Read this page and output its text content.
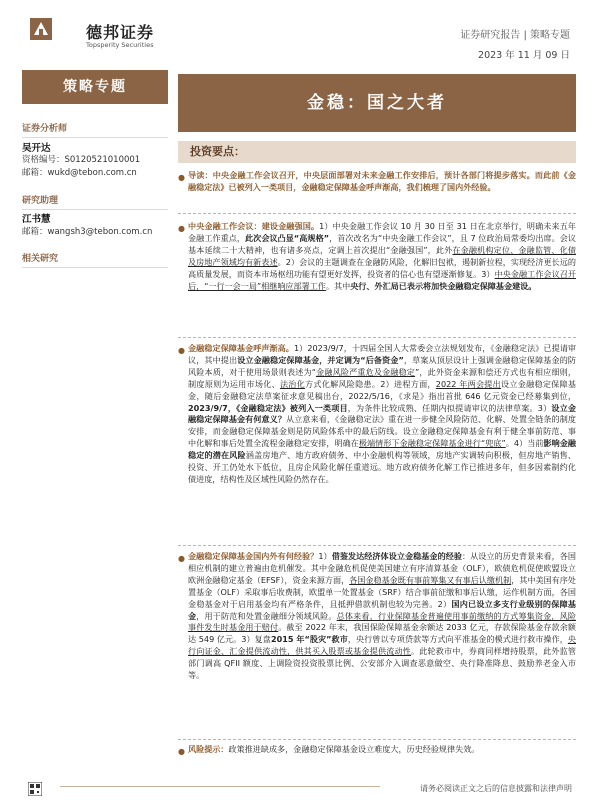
德邦证券
Topsperity Securities
证券研究报告 | 策略专题
2023 年 11 月 09 日
策略专题
证券分析师
吴开达
资格编号：S0120521010001
邮箱：wukd@tebon.com.cn
研究助理
江书慧
邮箱：wangsh3@tebon.com.cn
相关研究
金稳：国之大者
投资要点：
● 导读：中央金融工作会议召开，中央层面部署对未来金融工作安排后，预计各部门将提步落实。而此前《金融稳定法》已被列入一类项目，金融稳定保障基金呼声渐高，我们梳理了国内外经验。
● 中央金融工作会议：建设金融强国。1）中央金融工作会议 10 月 30 日至 31 日在北京举行，明确未来五年金融工作重点，此次会议凸显“高规格”，首次改名为“中央金融工作会议”，且 7 位政治局常委均出席。会议基本延续二十大精神，也有诸多亮点，定调上首次提出“金融强国”，此外在金融机构定位、金融监管、化债及房地产领域均有新表述。2）会议的主题调查在金融防风险，化解旧包袱，遏制新拉程，实现经济更长远的高质量发展，而资本市场枢纽功能有望更好发挥，投资者的信心也有望逐渐修复。3）中央金融工作会议召开后，“一行一会一局”相继响应部署工作。其中央行、外汇局已表示将加快金融稳定保障基金建设。
● 金融稳定保障基金呼声渐高。1）2023/9/7，十四届全国人大常委会立法规划发布，《金融稳定法》已提请审议，其中提出设立金融稳定保障基金，并定调为“后备资金”，草案从顶层设计上强调金融稳定保障基金的防风险本质，对于使用场景则表述为“金融风险严重危及金融稳定”，此外资金来源和偿还方式也有相应细则，制度原则为运用市场化、法治化方式化解风险隐患。2）进程方面，2022 年两会提出设立金融稳定保障基金，随后金融稳定法草案征求意见稿出台，2022/5/16，《求是》指出首批 646 亿元资金已经募集到位，2023/9/7，《金融稳定法》被列入一类项目，为条件比较成熟、任期内拟提请审议的法律草案。3）设立金融稳定保障基金有何意义？从立意来看，《金融稳定法》重在进一步健全风险防范、化解、处置全链条的制度安排，而金融稳定保障基金则是防风险体系中的最后防线。设立金融稳定保障基金有利于健全事前防范、事中化解和事后处置全流程金融稳定安排，明确在极端情形下金融稳定保障基金进行“兜底”。4）当前影响金融稳定的潜在风险涵盖房地产、地方政府债务、中小金融机构等领域，房地产实调转向积极，但房地产销售、投资、开工仍处水下低位，且房企风险化解任重道远。地方政府债务化解工作已推进多年，但多因素制约化债进度，结构性及区域性风险仍然存在。
● 金融稳定保障基金国内外有何经验？1）借鉴发达经济体设立金稳基金的经验：从设立的历史背景来看，各国相应机制的建立普遍由危机催发。其中金融危机促使美国建立有序清算基金（OLF），欧债危机促使欧盟设立欧洲金融稳定基金（EFSF），资金来源方面，各国金稳基金既有事前筹集又有事后认缴机制，其中美国有序处置基金（OLF）采取事后收费制，欧盟单一处置基金（SRF）结合事前征缴和事后认缴，运作机制方面，各国金稳基金对于启用基金均有严格条件，且抵押借款机制也较为完善。2）国内已设立多支行业级别的保障基金，用于防范和处置金融细分领域风险。总体来看，行业保障基金普遍使用事前缴纳的方式筹集资金，风险事件发生时基金用于赔付。截至 2022 年末，我国保险保障基金余额达 2033 亿元，存款保险基金存款余额达 549 亿元。3）复盘2015 年“股灾”救市，央行曾以专项贷款等方式向平准基金的模式进行救市操作，央行向证金、汇金提供流动性，供其买入股票或基金提供流动性。此轮救市中，券商同样增持股票，此外监管部门调高 QFII 额度、上调险资投资股票比例、公安部介入调查恶意做空、央行降准降息、鼓励养老金入市等。
● 风险提示：政策推进缺成多，金融稳定保障基金设立难度大，历史经验规律失效。
请务必阅读正文之后的信息披露和法律声明
